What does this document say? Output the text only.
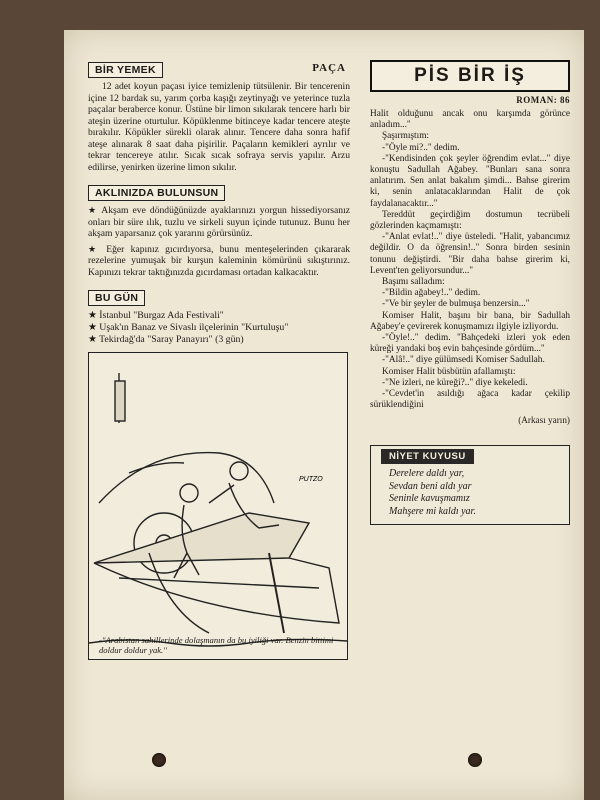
BİR YEMEK	PAÇA

12 adet koyun paçası iyice temizlenip tütsülenir. Bir tencerenin içine 12 bardak su, yarım çorba kaşığı zeytinyağı ve yeterince tuzla paçalar beraberce konur. Üstüne bir limon sıkılarak tencere harlı bir ateşin üzerine oturtulur. Köpüklenme bitinceye kadar tencere ateşte bırakılır. Köpükler sürekli olarak alınır. Tencere daha sonra hafif ateşe alınarak 8 saat daha pişirilir. Paçaların kemikleri ayrılır ve tekrar tencereye atılır. Sıcak sıcak sofraya servis yapılır. Arzu edilirse, yenirken üzerine limon sıkılır.

AKLINIZDA BULUNSUN

★ Akşam eve döndüğünüzde ayaklarınızı yorgun hissediyorsanız onları bir süre ılık, tuzlu ve sirkeli suyun içinde tutunuz. Bunu her akşam yaparsanız çok yararını görürsünüz.

★ Eğer kapınız gıcırdıyorsa, bunu menteşelerinden çıkararak rezelerine yumuşak bir kurşun kaleminin kömürünü sıkıştırınız. Kapınızı tekrar taktığınızda gıcırdaması ortadan kalkacaktır.

BU GÜN
★ İstanbul "Burgaz Ada Festivali"
★ Uşak'ın Banaz ve Sivaslı ilçelerinin "Kurtuluşu"
★ Tekirdağ'da "Saray Panayırı" (3 gün)
PUTZO
-"Arabistan sahillerinde dolaşmanın da bu iyiliği var. Benzin bittimi doldur doldur yak."
PİS BİR İŞ
ROMAN: 86

Halit olduğunu ancak onu karşımda görünce anladım..."

Şaşırmıştım:

-"Öyle mi?.." dedim.

-"Kendisinden çok şeyler öğrendim evlat..." diye konuştu Sadullah Ağabey. "Bunları sana sonra anlatırım. Sen anlat bakalım şimdi... Bahse girerim ki, senin anlatacaklarından Halit de çok faydalanacaktır..."

Tereddüt geçirdiğim dostumun tecrübeli gözlerinden kaçmamıştı:

-"Anlat evlat!.." diye üsteledi. "Halit, yabancımız değildir. O da öğrensin!.." Sonra birden sesinin tonunu değiştirdi. "Bir daha bahse girerim ki, Levent'ten geliyorsundur..."

Başımı salladım:

-"Bildin ağabey!.." dedim.

-"Ve bir şeyler de bulmuşa benzersin..."

Komiser Halit, başını bir bana, bir Sadullah Ağabey'e çevirerek konuşmamızı ilgiyle izliyordu.

-"Öyle!.." dedim. "Bahçedeki izleri yok eden küreği yandaki boş evin bahçesinde gördüm..."

-"Alâ!.." diye gülümsedi Komiser Sadullah.

Komiser Halit büsbütün afallamıştı:

-"Ne izleri, ne küreği?.." diye kekeledi.

-"Cevdet'in asıldığı ağaca kadar çekilip sürüklendiğini

(Arkası yarın)
NİYET KUYUSU
Derelere daldı yar,
Sevdan beni aldı yar
Seninle kavuşmamız
Mahşere mi kaldı yar.
